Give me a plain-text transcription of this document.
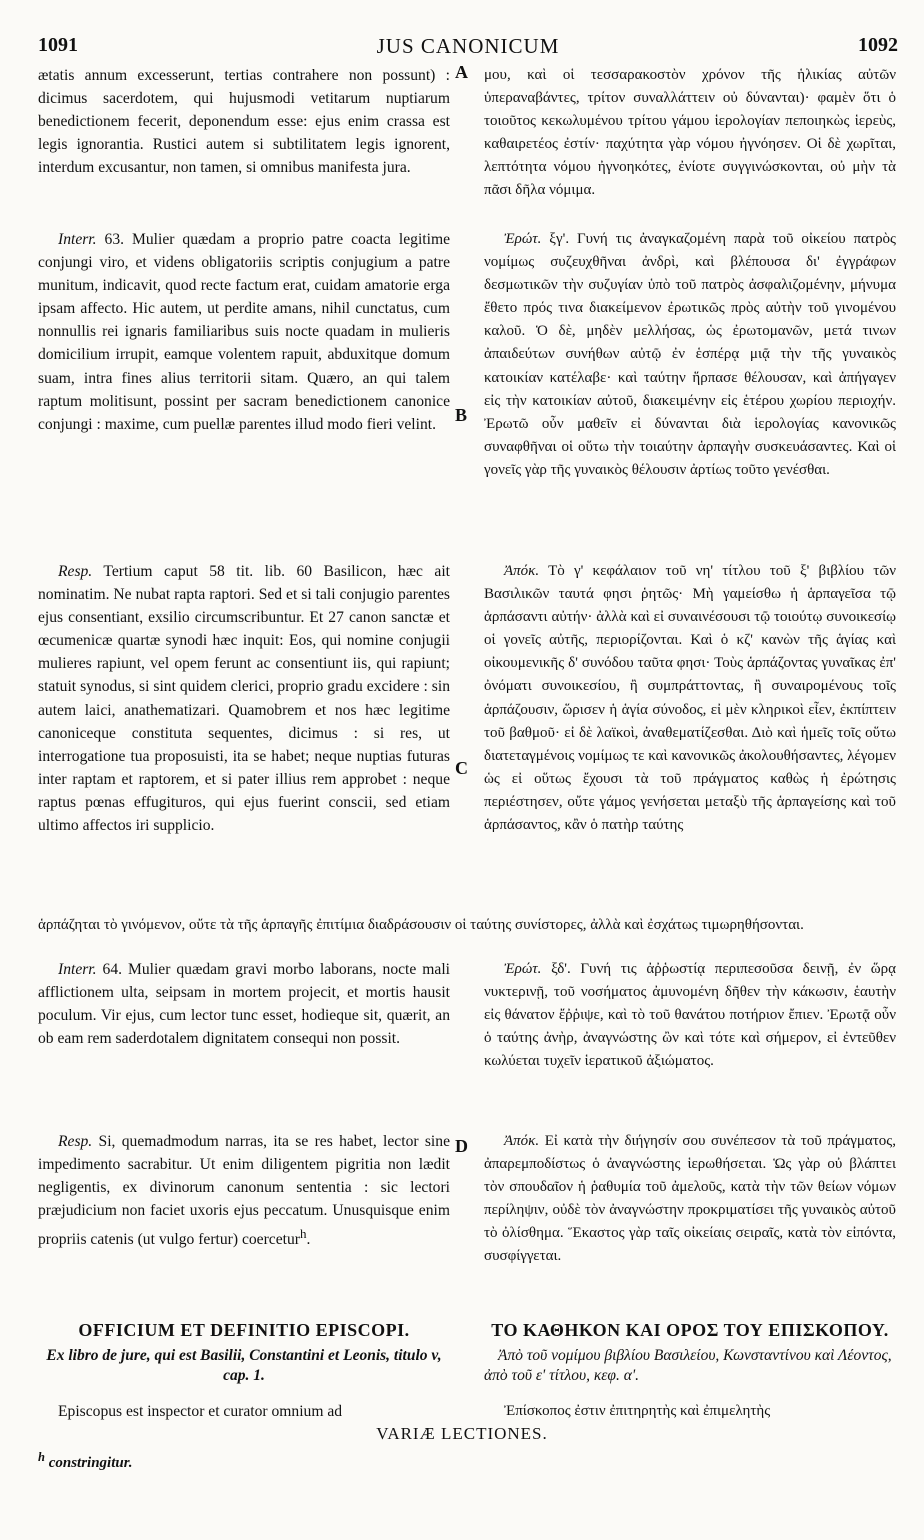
1091	JUS CANONICUM	1092
A
B
C
D

ætatis annum excesserunt, tertias contrahere non possunt) : dicimus sacerdotem, qui hujusmodi vetitarum nuptiarum benedictionem fecerit, deponendum esse: ejus enim crassa est legis ignorantia. Rustici autem si subtilitatem legis ignorent, interdum excusantur, non tamen, si omnibus manifesta jura.

Interr. 63. Mulier quædam a proprio patre coacta legitime conjungi viro, et videns obligatoriis scriptis conjugium a patre munitum, indicavit, quod recte factum erat, cuidam amatorie erga ipsam affecto. Hic autem, ut perdite amans, nihil cunctatus, cum nonnullis rei ignaris familiaribus suis nocte quadam in mulieris domicilium irrupit, eamque volentem rapuit, abduxitque domum suam, intra fines alius territorii sitam. Quæro, an qui talem raptum molitisunt, possint per sacram benedictionem canonice conjungi : maxime, cum puellæ parentes illud modo fieri velint.

Resp. Tertium caput 58 tit. lib. 60 Basilicon, hæc ait nominatim. Ne nubat rapta raptori. Sed et si tali conjugio parentes ejus consentiant, exsilio circumscribuntur. Et 27 canon sanctæ et œcumenicæ quartæ synodi hæc inquit: Eos, qui nomine conjugii mulieres rapiunt, vel opem ferunt ac consentiunt iis, qui rapiunt; statuit synodus, si sint quidem clerici, proprio gradu excidere : sin autem laici, anathematizari. Quamobrem et nos hæc legitime canoniceque constituta sequentes, dicimus : si res, ut interrogatione tua proposuisti, ita se habet; neque nuptias futuras inter raptam et raptorem, et si pater illius rem approbet : neque raptus pœnas effugituros, qui ejus fuerint conscii, sed etiam ultimo affectos iri supplicio.

Interr. 64. Mulier quædam gravi morbo laborans, nocte mali afflictionem ulta, seipsam in mortem projecit, et mortis hausit poculum. Vir ejus, cum lector tunc esset, hodieque sit, quærit, an ob eam rem saderdotalem dignitatem consequi non possit.

Resp. Si, quemadmodum narras, ita se res habet, lector sine impedimento sacrabitur. Ut enim diligentem pigritia non lædit negligentis, ex divinorum canonum sententia : sic lectori præjudicium non faciet uxoris ejus peccatum. Unusquisque enim propriis catenis (ut vulgo fertur) coercetur$^h$.

OFFICIUM ET DEFINITIO EPISCOPI.
Ex libro de jure, qui est Basilii, Constantini et Leonis, titulo v, cap. 1.

Episcopus est inspector et curator omnium ad

μου, καὶ οἱ τεσσαρακοστὸν χρόνον τῆς ἡλικίας αὐτῶν ὑπεραναβάντες, τρίτον συναλλάττειν οὐ δύνανται)· φαμὲν ὅτι ὁ τοιοῦτος κεκωλυμένου τρίτου γάμου ἱερολογίαν πεποιηκὼς ἱερεὺς, καθαιρετέος ἐστίν· παχύτητα γὰρ νόμου ἠγνόησεν. Οἱ δὲ χωρῖται, λεπτότητα νόμου ἠγνοηκότες, ἐνίοτε συγγινώσκονται, οὐ μὴν τὰ πᾶσι δῆλα νόμιμα.

Ἐρώτ. ξγ'. Γυνή τις ἀναγκαζομένη παρὰ τοῦ οἰκείου πατρὸς νομίμως συζευχθῆναι ἀνδρὶ, καὶ βλέπουσα δι' ἐγγράφων δεσμωτικῶν τὴν συζυγίαν ὑπὸ τοῦ πατρὸς ἀσφαλιζομένην, μήνυμα ἔθετο πρός τινα διακείμενον ἐρωτικῶς πρὸς αὐτὴν τοῦ γινομένου καλοῦ. Ὁ δὲ, μηδὲν μελλήσας, ὡς ἐρωτομανῶν, μετά τινων ἀπαιδεύτων συνήθων αὐτῷ ἐν ἑσπέρᾳ μιᾷ τὴν τῆς γυναικὸς κατοικίαν κατέλαβε· καὶ ταύτην ἥρπασε θέλουσαν, καὶ ἀπήγαγεν εἰς τὴν κατοικίαν αὐτοῦ, διακειμένην εἰς ἑτέρου χωρίου περιοχήν. Ἐρωτῶ οὖν μαθεῖν εἰ δύνανται διὰ ἱερολογίας κανονικῶς συναφθῆναι οἱ οὕτω τὴν τοιαύτην ἁρπαγὴν συσκευάσαντες. Καὶ οἱ γονεῖς γὰρ τῆς γυναικὸς θέλουσιν ἀρτίως τοῦτο γενέσθαι.

Ἀπόκ. Τὸ γ' κεφάλαιον τοῦ νη' τίτλου τοῦ ξ' βιβλίου τῶν Βασιλικῶν ταυτά φησι ῥητῶς· Μὴ γαμείσθω ἡ ἁρπαγεῖσα τῷ ἁρπάσαντι αὐτήν· ἀλλὰ καὶ εἰ συναινέσουσι τῷ τοιούτῳ συνοικεσίῳ οἱ γονεῖς αὐτῆς, περιορίζονται. Καὶ ὁ κζ' κανὼν τῆς ἁγίας καὶ οἰκουμενικῆς δ' συνόδου ταῦτα φησι· Τοὺς ἁρπάζοντας γυναῖκας ἐπ' ὀνόματι συνοικεσίου, ἢ συμπράττοντας, ἢ συναιρομένους τοῖς ἁρπάζουσιν, ὥρισεν ἡ ἁγία σύνοδος, εἰ μὲν κληρικοὶ εἶεν, ἐκπίπτειν τοῦ βαθμοῦ· εἰ δὲ λαϊκοὶ, ἀναθεματίζεσθαι. Διὸ καὶ ἡμεῖς τοῖς οὕτω διατεταγμένοις νομίμως τε καὶ κανονικῶς ἀκολουθήσαντες, λέγομεν ὡς εἰ οὕτως ἔχουσι τὰ τοῦ πράγματος καθὼς ἡ ἐρώτησις περιέστησεν, οὔτε γάμος γενήσεται μεταξὺ τῆς ἁρπαγείσης καὶ τοῦ ἁρπάσαντος, κἂν ὁ πατὴρ ταύτης

ἁρπάζηται τὸ γινόμενον, οὔτε τὰ τῆς ἁρπαγῆς ἐπιτίμια διαδράσουσιν οἱ ταύτης συνίστορες, ἀλλὰ καὶ ἐσχάτως τιμωρηθήσονται.

Ἐρώτ. ξδ'. Γυνή τις ἀῤῥωστίᾳ περιπεσοῦσα δεινῇ, ἐν ὥρᾳ νυκτερινῇ, τοῦ νοσήματος ἀμυνομένη δῆθεν τὴν κάκωσιν, ἑαυτὴν εἰς θάνατον ἔῤῥιψε, καὶ τὸ τοῦ θανάτου ποτήριον ἔπιεν. Ἐρωτᾷ οὖν ὁ ταύτης ἀνὴρ, ἀναγνώστης ὢν καὶ τότε καὶ σήμερον, εἰ ἐντεῦθεν κωλύεται τυχεῖν ἱερατικοῦ ἀξιώματος.

Ἀπόκ. Εἰ κατὰ τὴν διήγησίν σου συνέπεσον τὰ τοῦ πράγματος, ἀπαρεμποδίστως ὁ ἀναγνώστης ἱερωθήσεται. Ὡς γὰρ οὐ βλάπτει τὸν σπουδαῖον ἡ ῥαθυμία τοῦ ἀμελοῦς, κατὰ τὴν τῶν θείων νόμων περίληψιν, οὐδὲ τὸν ἀναγνώστην προκριματίσει τῆς γυναικὸς αὐτοῦ τὸ ὀλίσθημα. Ἕκαστος γὰρ ταῖς οἰκείαις σειραῖς, κατὰ τὸν εἰπόντα, συσφίγγεται.

ΤΟ ΚΑΘΗΚΟΝ ΚΑΙ ΟΡΟΣ ΤΟΥ ΕΠΙΣΚΟΠΟΥ.
Ἀπὸ τοῦ νομίμου βιβλίου Βασιλείου, Κωνσταντίνου καὶ Λέοντος, ἀπὸ τοῦ ε' τίτλου, κεφ. α'.

Ἐπίσκοπος ἐστιν ἐπιτηρητὴς καὶ ἐπιμελητὴς

VARIÆ LECTIONES.
$^h$ constringitur.
